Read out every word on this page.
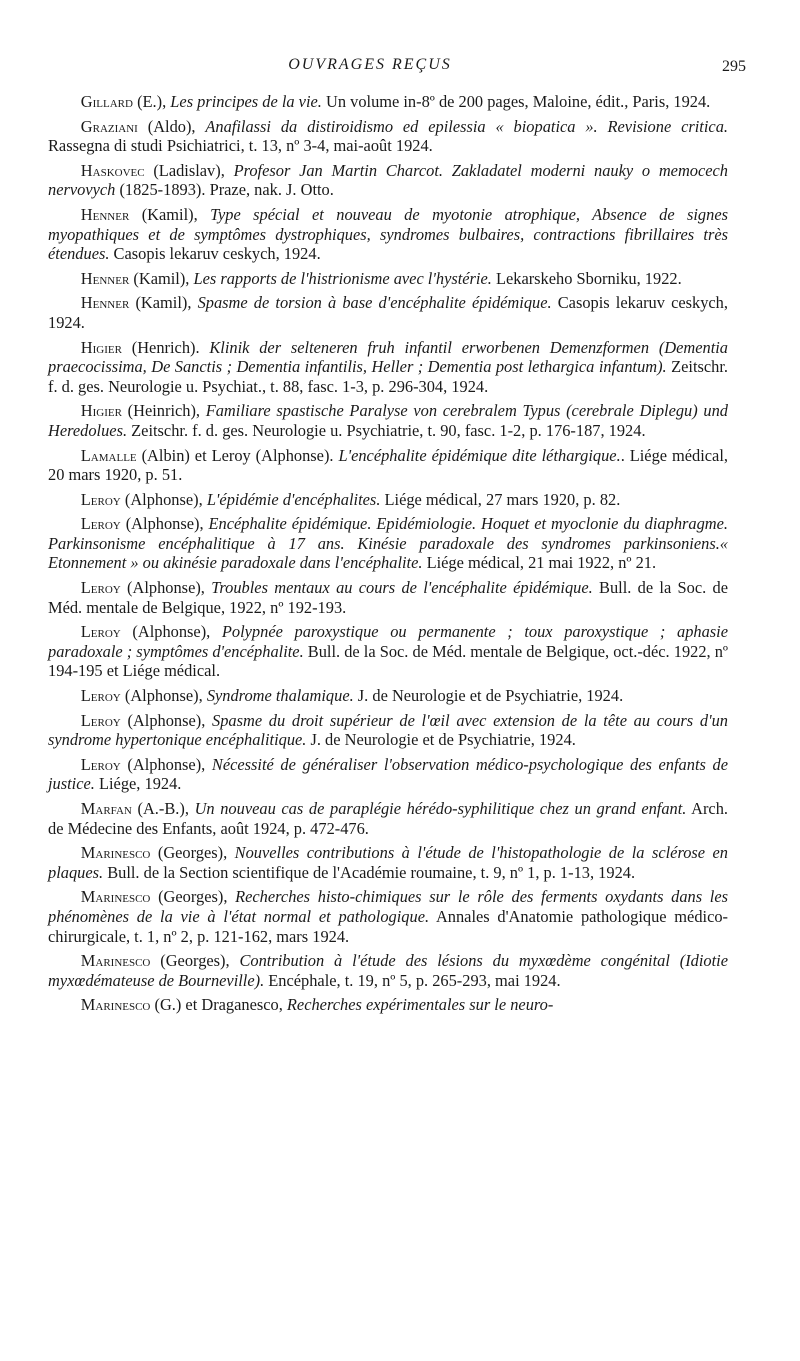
OUVRAGES REÇUS	295

Gillard (E.), Les principes de la vie. Un volume in-8º de 200 pages, Maloine, édit., Paris, 1924.

Graziani (Aldo), Anafilassi da distiroidismo ed epilessia « biopatica ». Revisione critica. Rassegna di studi Psichiatrici, t. 13, nº 3-4, mai-août 1924.

Haskovec (Ladislav), Profesor Jan Martin Charcot. Zakladatel moderni nauky o memocech nervovych (1825-1893). Praze, nak. J. Otto.

Henner (Kamil), Type spécial et nouveau de myotonie atrophique, Absence de signes myopathiques et de symptômes dystrophiques, syndromes bulbaires, contractions fibrillaires très étendues. Casopis lekaruv ceskych, 1924.

Henner (Kamil), Les rapports de l'histrionisme avec l'hystérie. Lekarskeho Sborniku, 1922.

Henner (Kamil), Spasme de torsion à base d'encéphalite épidémique. Casopis lekaruv ceskych, 1924.

Higier (Henrich). Klinik der selteneren fruh infantil erworbenen Demenzformen (Dementia praecocissima, De Sanctis ; Dementia infantilis, Heller ; Dementia post lethargica infantum). Zeitschr. f. d. ges. Neurologie u. Psychiat., t. 88, fasc. 1-3, p. 296-304, 1924.

Higier (Heinrich), Familiare spastische Paralyse von cerebralem Typus (cerebrale Diplegu) und Heredolues. Zeitschr. f. d. ges. Neurologie u. Psychiatrie, t. 90, fasc. 1-2, p. 176-187, 1924.

Lamalle (Albin) et Leroy (Alphonse). L'encéphalite épidémique dite léthargique.. Liége médical, 20 mars 1920, p. 51.

Leroy (Alphonse), L'épidémie d'encéphalites. Liége médical, 27 mars 1920, p. 82.

Leroy (Alphonse), Encéphalite épidémique. Epidémiologie. Hoquet et myoclonie du diaphragme. Parkinsonisme encéphalitique à 17 ans. Kinésie paradoxale des syndromes parkinsoniens.« Etonnement » ou akinésie paradoxale dans l'encéphalite. Liége médical, 21 mai 1922, nº 21.

Leroy (Alphonse), Troubles mentaux au cours de l'encéphalite épidémique. Bull. de la Soc. de Méd. mentale de Belgique, 1922, nº 192-193.

Leroy (Alphonse), Polypnée paroxystique ou permanente ; toux paroxystique ; aphasie paradoxale ; symptômes d'encéphalite. Bull. de la Soc. de Méd. mentale de Belgique, oct.-déc. 1922, nº 194-195 et Liége médical.

Leroy (Alphonse), Syndrome thalamique. J. de Neurologie et de Psychiatrie, 1924.

Leroy (Alphonse), Spasme du droit supérieur de l'œil avec extension de la tête au cours d'un syndrome hypertonique encéphalitique. J. de Neurologie et de Psychiatrie, 1924.

Leroy (Alphonse), Nécessité de généraliser l'observation médico-psychologique des enfants de justice. Liége, 1924.

Marfan (A.-B.), Un nouveau cas de paraplégie hérédo-syphilitique chez un grand enfant. Arch. de Médecine des Enfants, août 1924, p. 472-476.

Marinesco (Georges), Nouvelles contributions à l'étude de l'histopathologie de la sclérose en plaques. Bull. de la Section scientifique de l'Académie roumaine, t. 9, nº 1, p. 1-13, 1924.

Marinesco (Georges), Recherches histo-chimiques sur le rôle des ferments oxydants dans les phénomènes de la vie à l'état normal et pathologique. Annales d'Anatomie pathologique médico-chirurgicale, t. 1, nº 2, p. 121-162, mars 1924.

Marinesco (Georges), Contribution à l'étude des lésions du myxœdème congénital (Idiotie myxœdémateuse de Bourneville). Encéphale, t. 19, nº 5, p. 265-293, mai 1924.

Marinesco (G.) et Draganesco, Recherches expérimentales sur le neuro-
